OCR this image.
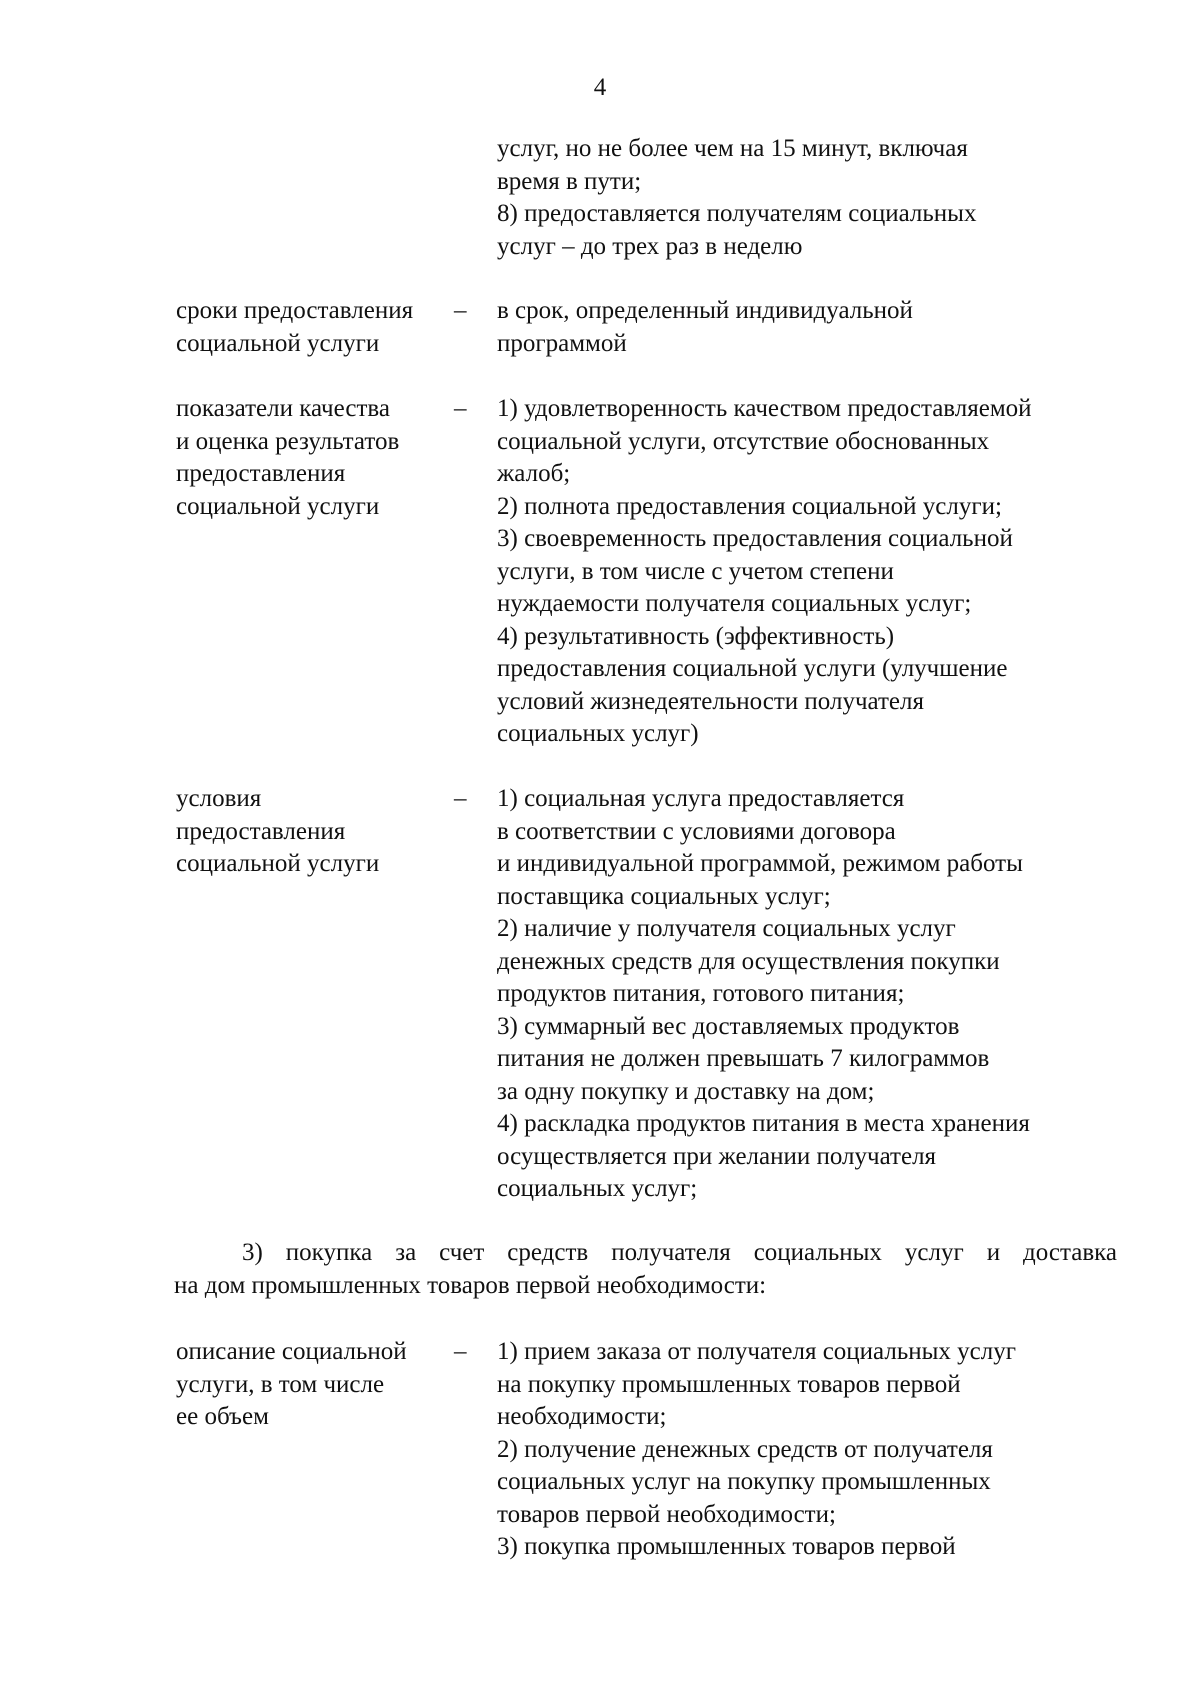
4
услуг, но не более чем на 15 минут, включая
время в пути;
8) предоставляется получателям социальных
услуг – до трех раз в неделю
сроки предоставления
социальной услуги
– в срок, определенный индивидуальной
программой
показатели качества
и оценка результатов
предоставления
социальной услуги
– 1) удовлетворенность качеством предоставляемой
социальной услуги, отсутствие обоснованных
жалоб;
2) полнота предоставления социальной услуги;
3) своевременность предоставления социальной
услуги, в том числе с учетом степени
нуждаемости получателя социальных услуг;
4) результативность (эффективность)
предоставления социальной услуги (улучшение
условий жизнедеятельности получателя
социальных услуг)
условия
предоставления
социальной услуги
– 1) социальная услуга предоставляется
в соответствии с условиями договора
и индивидуальной программой, режимом работы
поставщика социальных услуг;
2) наличие у получателя социальных услуг
денежных средств для осуществления покупки
продуктов питания, готового питания;
3) суммарный вес доставляемых продуктов
питания не должен превышать 7 килограммов
за одну покупку и доставку на дом;
4) раскладка продуктов питания в места хранения
осуществляется при желании получателя
социальных услуг;
описание социальной
услуги, в том числе
ее объем
– 1) прием заказа от получателя социальных услуг
на покупку промышленных товаров первой
необходимости;
2) получение денежных средств от получателя
социальных услуг на покупку промышленных
товаров первой необходимости;
3) покупка промышленных товаров первой
3) покупка за счет средств получателя социальных услуг и доставка
на дом промышленных товаров первой необходимости:
